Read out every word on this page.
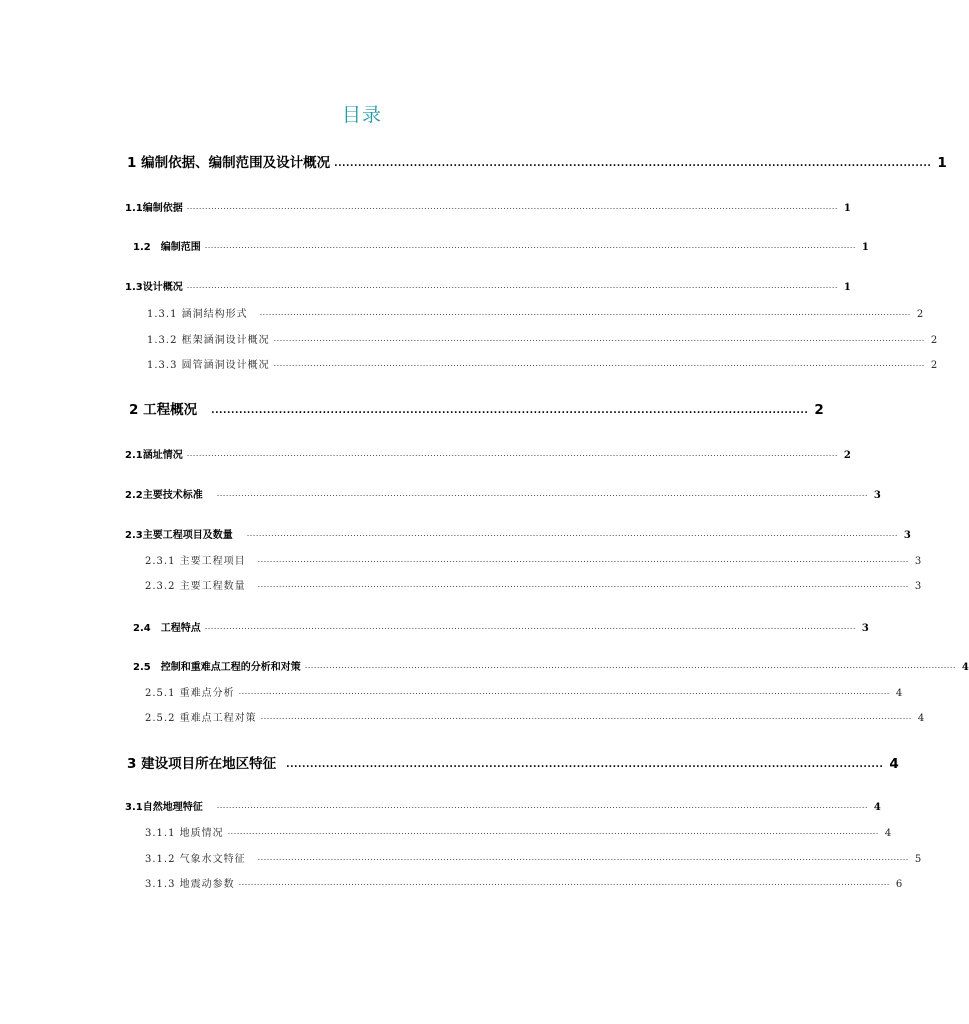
目录
1 编制依据、编制范围及设计概况 ...................................................................................................................................................... 1
1.1编制依据 ...................................................................................................................................................................................................................... 1
1.2　编制范围 ...................................................................................................................................................................................................................... 1
1.3设计概况 ...................................................................................................................................................................................................................... 1
1.3.1 涵洞结构形式 ...................................................................................................................................................................................................................... 2
1.3.2 框架涵洞设计概况 ...................................................................................................................................................................................................................... 2
1.3.3 圆管涵洞设计概况 ...................................................................................................................................................................................................................... 2
2 工程概况 ...................................................................................................................................................... 2
2.1涵址情况 ...................................................................................................................................................................................................................... 2
2.2主要技术标准 ...................................................................................................................................................................................................................... 3
2.3主要工程项目及数量 ...................................................................................................................................................................................................................... 3
2.3.1 主要工程项目 ...................................................................................................................................................................................................................... 3
2.3.2 主要工程数量 ...................................................................................................................................................................................................................... 3
2.4　工程特点 ...................................................................................................................................................................................................................... 3
2.5　控制和重难点工程的分析和对策 ...................................................................................................................................................................................................................... 4
2.5.1 重难点分析 ...................................................................................................................................................................................................................... 4
2.5.2 重难点工程对策 ...................................................................................................................................................................................................................... 4
3 建设项目所在地区特征 ...................................................................................................................................................... 4
3.1自然地理特征 ...................................................................................................................................................................................................................... 4
3.1.1 地质情况 ...................................................................................................................................................................................................................... 4
3.1.2 气象水文特征 ...................................................................................................................................................................................................................... 5
3.1.3 地震动参数 ...................................................................................................................................................................................................................... 6
